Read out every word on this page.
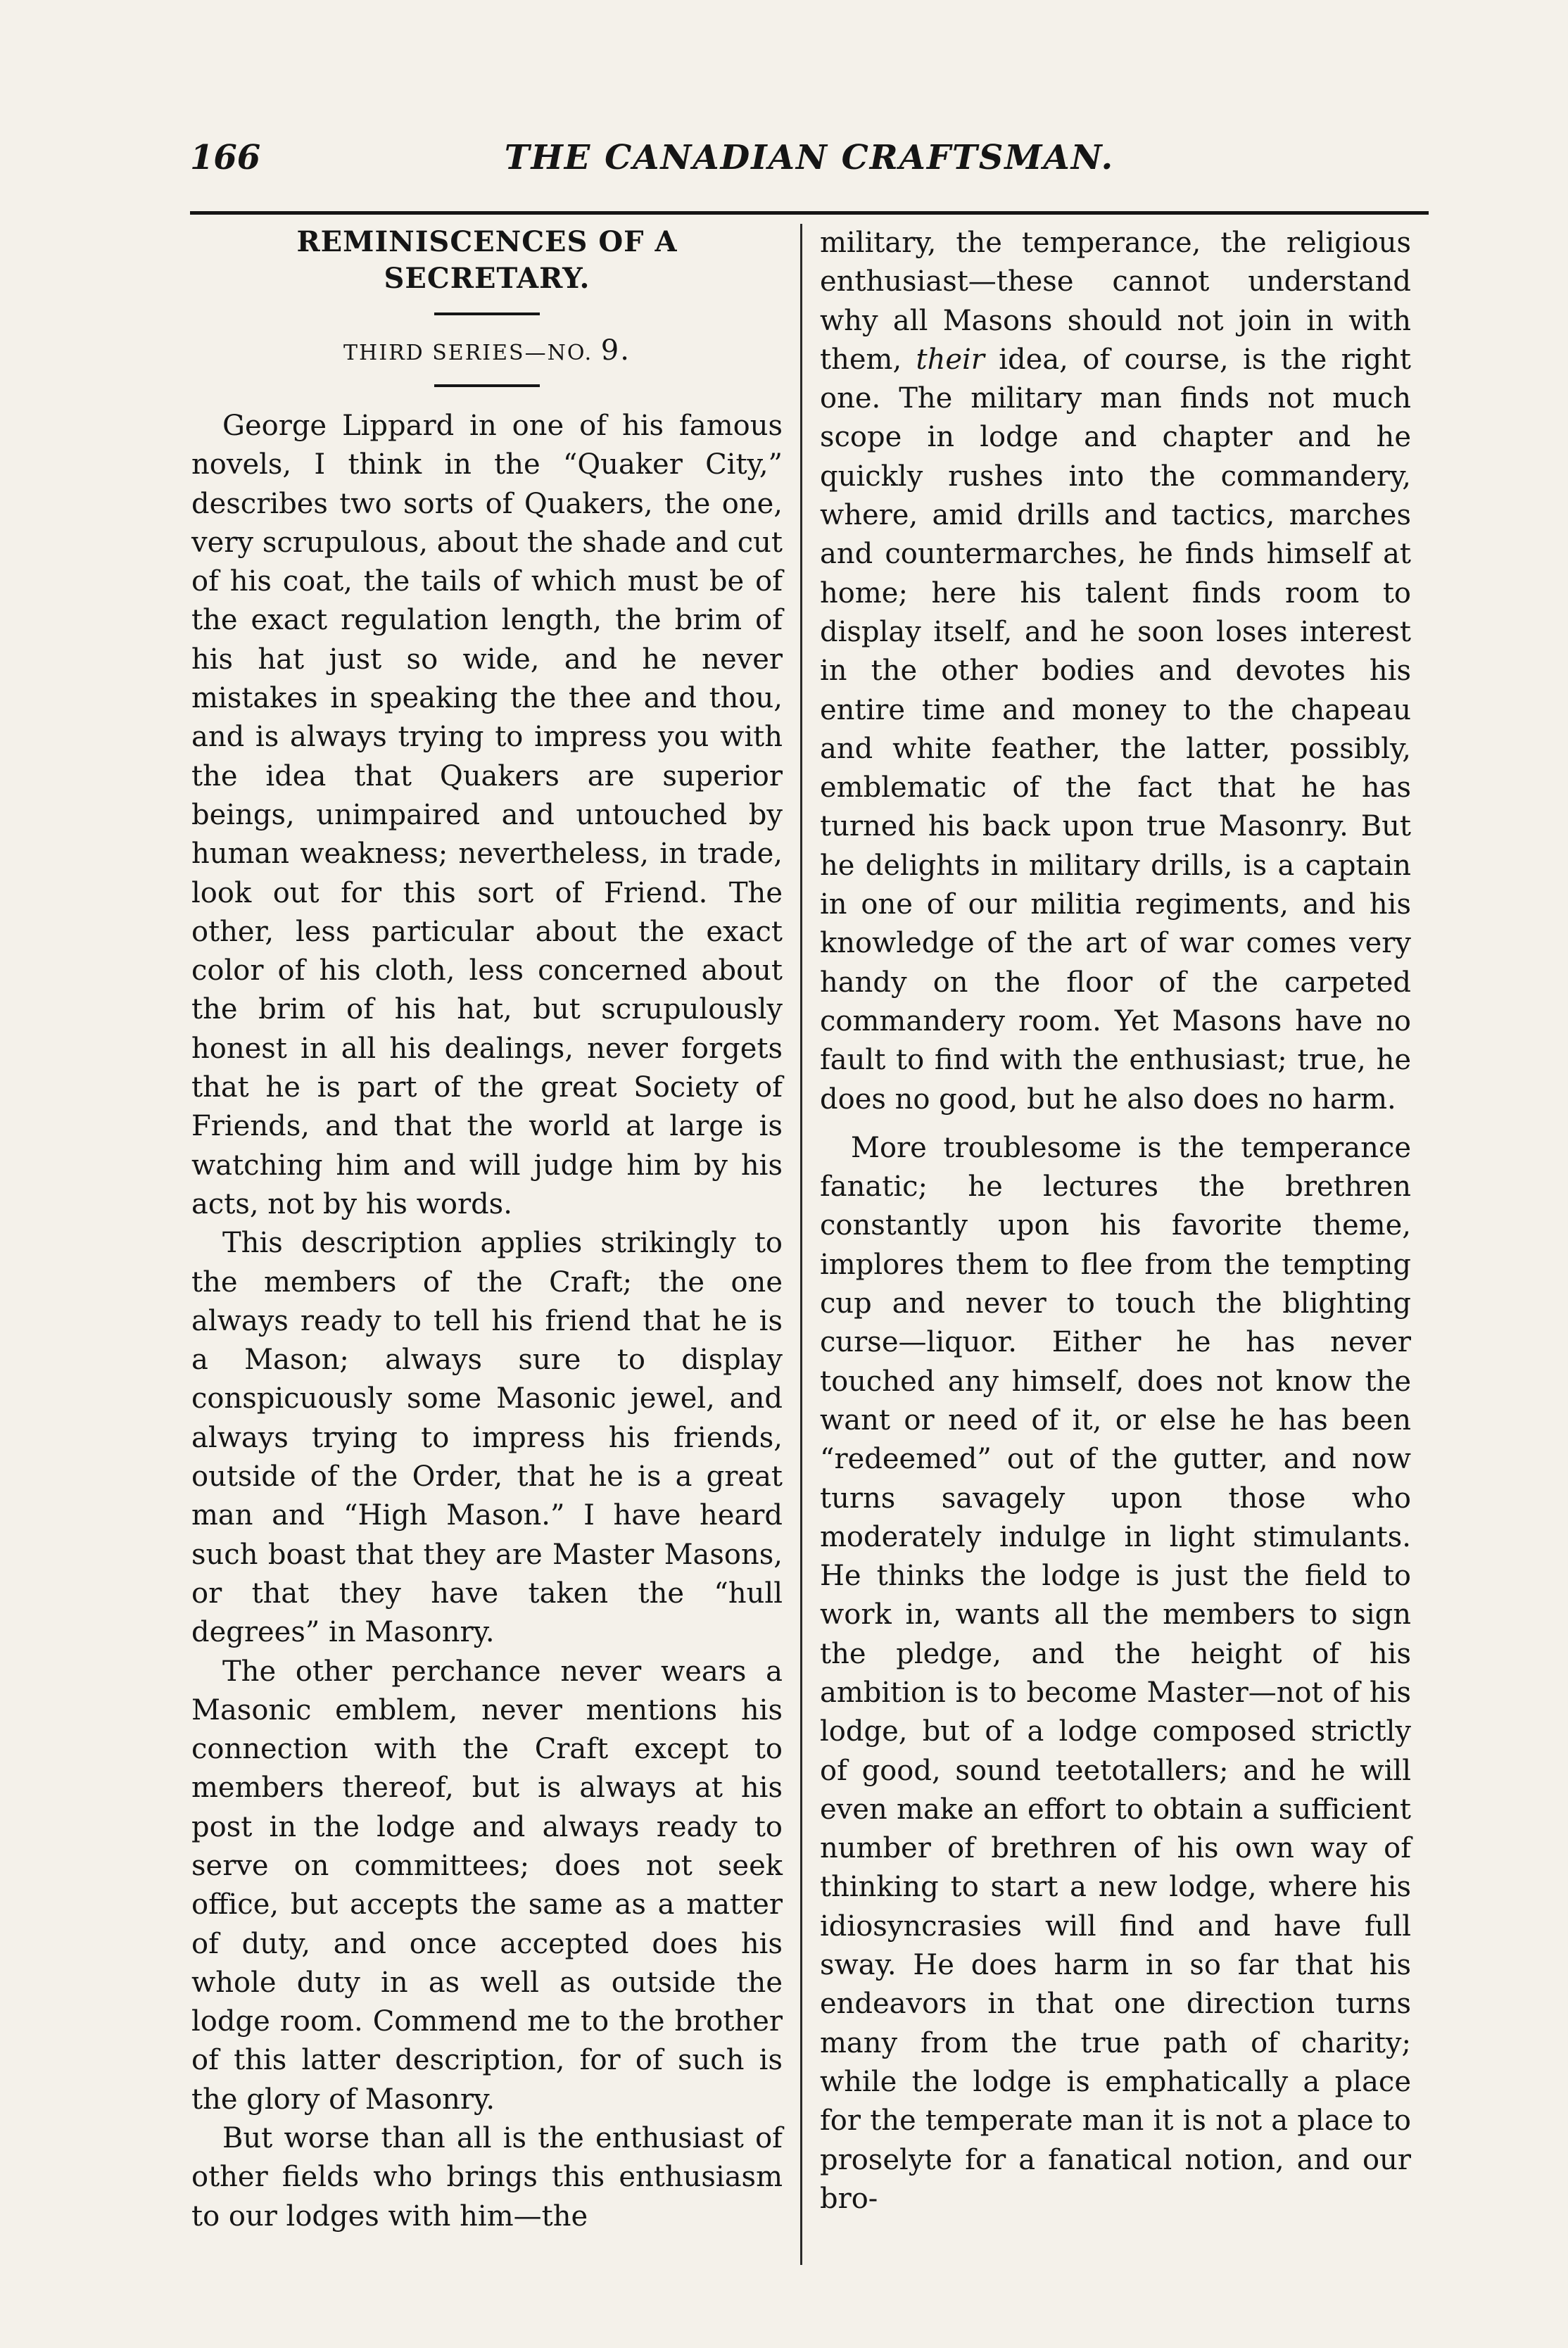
166	THE CANADIAN CRAFTSMAN.
REMINISCENCES OF A SECRETARY.

THIRD SERIES—NO. 9.

George Lippard in one of his famous novels, I think in the “Quaker City,” describes two sorts of Quakers, the one, very scrupulous, about the shade and cut of his coat, the tails of which must be of the exact regulation length, the brim of his hat just so wide, and he never mistakes in speaking the thee and thou, and is always trying to impress you with the idea that Quakers are superior beings, unimpaired and untouched by human weakness; nevertheless, in trade, look out for this sort of Friend. The other, less particular about the exact color of his cloth, less concerned about the brim of his hat, but scrupulously honest in all his dealings, never forgets that he is part of the great Society of Friends, and that the world at large is watching him and will judge him by his acts, not by his words.

This description applies strikingly to the members of the Craft; the one always ready to tell his friend that he is a Mason; always sure to display conspicuously some Masonic jewel, and always trying to impress his friends, outside of the Order, that he is a great man and “High Mason.” I have heard such boast that they are Master Masons, or that they have taken the “hull degrees” in Masonry.

The other perchance never wears a Masonic emblem, never mentions his connection with the Craft except to members thereof, but is always at his post in the lodge and always ready to serve on committees; does not seek office, but accepts the same as a matter of duty, and once accepted does his whole duty in as well as outside the lodge room. Commend me to the brother of this latter description, for of such is the glory of Masonry.

But worse than all is the enthusiast of other fields who brings this enthusiasm to our lodges with him—the

military, the temperance, the religious enthusiast—these cannot understand why all Masons should not join in with them, their idea, of course, is the right one. The military man finds not much scope in lodge and chapter and he quickly rushes into the commandery, where, amid drills and tactics, marches and countermarches, he finds himself at home; here his talent finds room to display itself, and he soon loses interest in the other bodies and devotes his entire time and money to the chapeau and white feather, the latter, possibly, emblematic of the fact that he has turned his back upon true Masonry. But he delights in military drills, is a captain in one of our militia regiments, and his knowledge of the art of war comes very handy on the floor of the carpeted commandery room. Yet Masons have no fault to find with the enthusiast; true, he does no good, but he also does no harm.

More troublesome is the temperance fanatic; he lectures the brethren constantly upon his favorite theme, implores them to flee from the tempting cup and never to touch the blighting curse—liquor. Either he has never touched any himself, does not know the want or need of it, or else he has been “redeemed” out of the gutter, and now turns savagely upon those who moderately indulge in light stimulants. He thinks the lodge is just the field to work in, wants all the members to sign the pledge, and the height of his ambition is to become Master—not of his lodge, but of a lodge composed strictly of good, sound teetotallers; and he will even make an effort to obtain a sufficient number of brethren of his own way of thinking to start a new lodge, where his idiosyncrasies will find and have full sway. He does harm in so far that his endeavors in that one direction turns many from the true path of charity; while the lodge is emphatically a place for the temperate man it is not a place to proselyte for a fanatical notion, and our bro-
